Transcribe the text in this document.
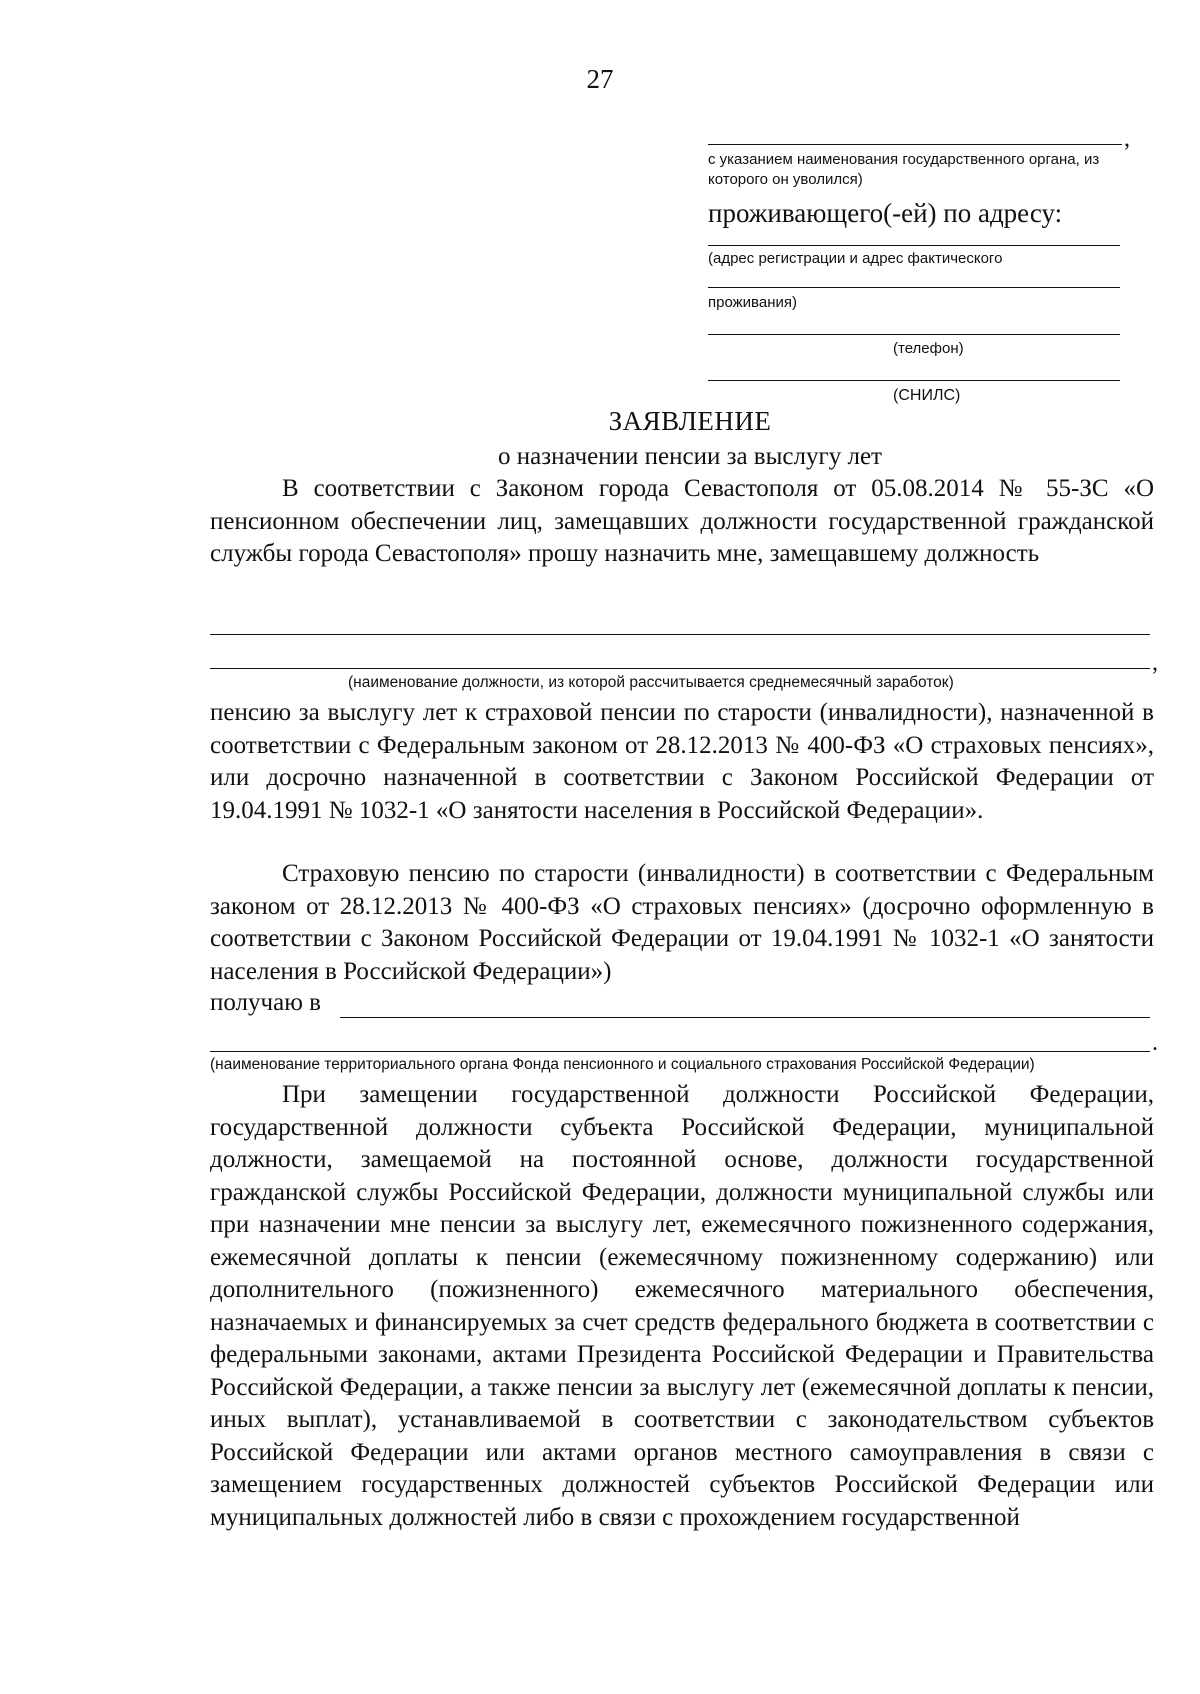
27
,
с указанием наименования государственного органа, из которого он уволился)
проживающего(-ей) по адресу:
(адрес регистрации и адрес фактического
проживания)
(телефон)
(СНИЛС)
ЗАЯВЛЕНИЕ
о назначении пенсии за выслугу лет
В соответствии с Законом города Севастополя от 05.08.2014 № 55-ЗС «О пенсионном обеспечении лиц, замещавших должности государственной гражданской службы города Севастополя» прошу назначить мне, замещавшему должность
,
(наименование должности, из которой рассчитывается среднемесячный заработок)
пенсию за выслугу лет к страховой пенсии по старости (инвалидности), назначенной в соответствии с Федеральным законом от 28.12.2013 № 400-ФЗ «О страховых пенсиях», или досрочно назначенной в соответствии с Законом Российской Федерации от 19.04.1991 № 1032-1 «О занятости населения в Российской Федерации».
Страховую пенсию по старости (инвалидности) в соответствии с Федеральным законом от 28.12.2013 № 400-ФЗ «О страховых пенсиях» (досрочно оформленную в соответствии с Законом Российской Федерации от 19.04.1991 № 1032-1 «О занятости населения в Российской Федерации»)
получаю в
.
(наименование территориального органа Фонда пенсионного и социального страхования Российской Федерации)
При замещении государственной должности Российской Федерации, государственной должности субъекта Российской Федерации, муниципальной должности, замещаемой на постоянной основе, должности государственной гражданской службы Российской Федерации, должности муниципальной службы или при назначении мне пенсии за выслугу лет, ежемесячного пожизненного содержания, ежемесячной доплаты к пенсии (ежемесячному пожизненному содержанию) или дополнительного (пожизненного) ежемесячного материального обеспечения, назначаемых и финансируемых за счет средств федерального бюджета в соответствии с федеральными законами, актами Президента Российской Федерации и Правительства Российской Федерации, а также пенсии за выслугу лет (ежемесячной доплаты к пенсии, иных выплат), устанавливаемой в соответствии с законодательством субъектов Российской Федерации или актами органов местного самоуправления в связи с замещением государственных должностей субъектов Российской Федерации или муниципальных должностей либо в связи с прохождением государственной
